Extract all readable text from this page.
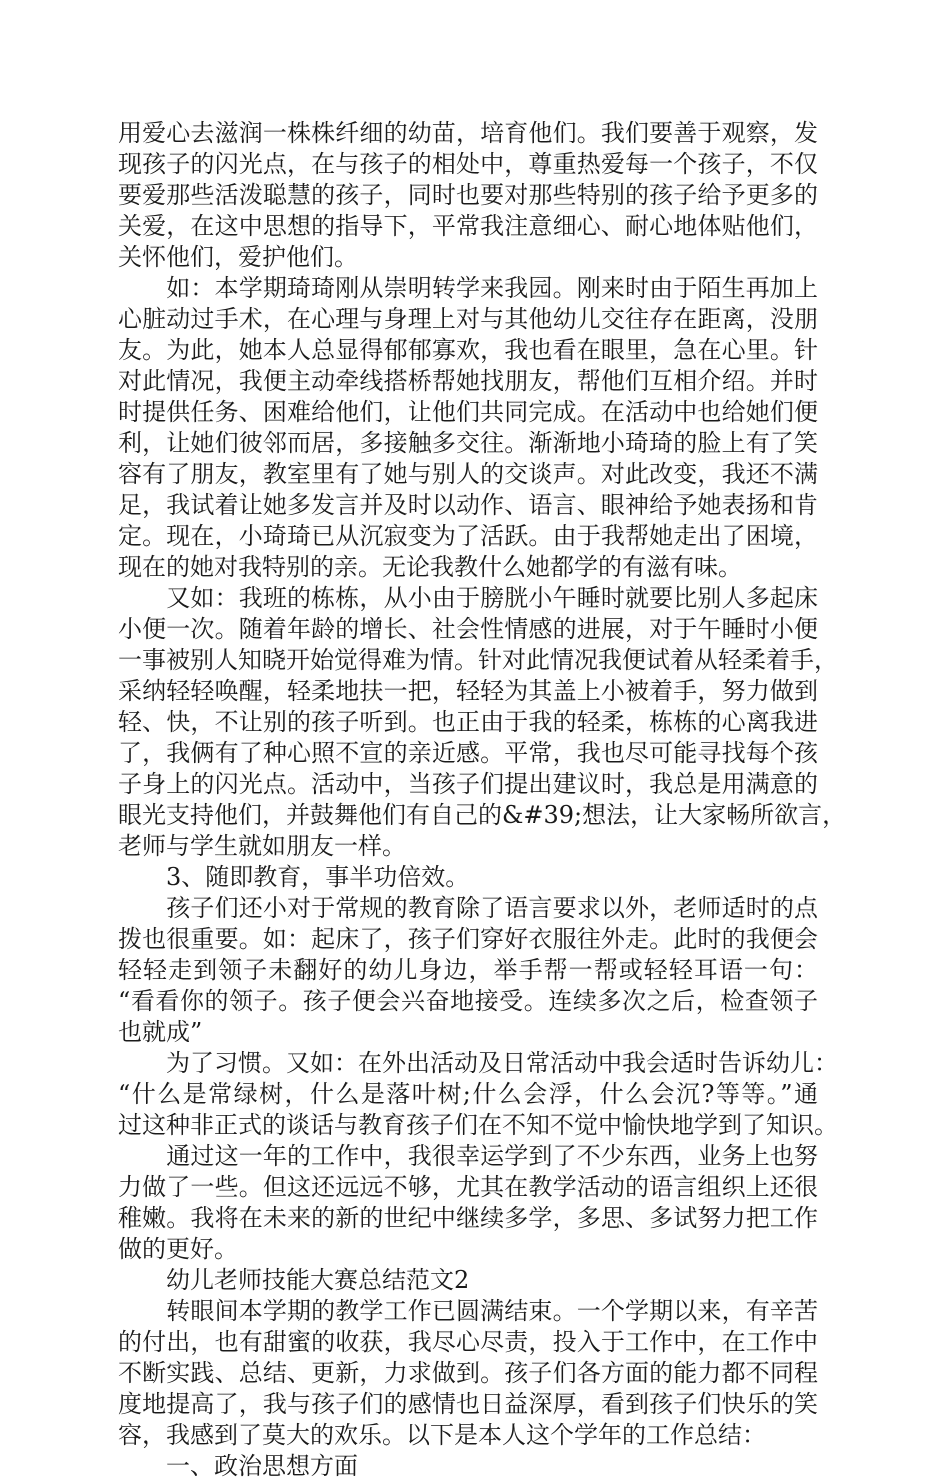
用爱心去滋润一株株纤细的幼苗，培育他们。我们要善于观察，发
现孩子的闪光点，在与孩子的相处中，尊重热爱每一个孩子，不仅
要爱那些活泼聪慧的孩子，同时也要对那些特别的孩子给予更多的
关爱，在这中思想的指导下，平常我注意细心、耐心地体贴他们，
关怀他们，爱护他们。
　　如：本学期琦琦刚从崇明转学来我园。刚来时由于陌生再加上
心脏动过手术，在心理与身理上对与其他幼儿交往存在距离，没朋
友。为此，她本人总显得郁郁寡欢，我也看在眼里，急在心里。针
对此情况，我便主动牵线搭桥帮她找朋友，帮他们互相介绍。并时
时提供任务、困难给他们，让他们共同完成。在活动中也给她们便
利，让她们彼邻而居，多接触多交往。渐渐地小琦琦的脸上有了笑
容有了朋友，教室里有了她与别人的交谈声。对此改变，我还不满
足，我试着让她多发言并及时以动作、语言、眼神给予她表扬和肯
定。现在，小琦琦已从沉寂变为了活跃。由于我帮她走出了困境，
现在的她对我特别的亲。无论我教什么她都学的有滋有味。
　　又如：我班的栋栋，从小由于膀胱小午睡时就要比别人多起床
小便一次。随着年龄的增长、社会性情感的进展，对于午睡时小便
一事被别人知晓开始觉得难为情。针对此情况我便试着从轻柔着手，
采纳轻轻唤醒，轻柔地扶一把，轻轻为其盖上小被着手，努力做到
轻、快，不让别的孩子听到。也正由于我的轻柔，栋栋的心离我进
了，我俩有了种心照不宣的亲近感。平常，我也尽可能寻找每个孩
子身上的闪光点。活动中，当孩子们提出建议时，我总是用满意的
眼光支持他们，并鼓舞他们有自己的&#39;想法，让大家畅所欲言，
老师与学生就如朋友一样。
　　3、随即教育，事半功倍效。
　　孩子们还小对于常规的教育除了语言要求以外，老师适时的点
拨也很重要。如：起床了，孩子们穿好衣服往外走。此时的我便会
轻轻走到领子未翻好的幼儿身边，举手帮一帮或轻轻耳语一句：
“看看你的领子。孩子便会兴奋地接受。连续多次之后，检查领子
也就成”
　　为了习惯。又如：在外出活动及日常活动中我会适时告诉幼儿：
“什么是常绿树，什么是落叶树;什么会浮，什么会沉?等等。”通
过这种非正式的谈话与教育孩子们在不知不觉中愉快地学到了知识。
　　通过这一年的工作中，我很幸运学到了不少东西，业务上也努
力做了一些。但这还远远不够，尤其在教学活动的语言组织上还很
稚嫩。我将在未来的新的世纪中继续多学，多思、多试努力把工作
做的更好。
　　幼儿老师技能大赛总结范文2
　　转眼间本学期的教学工作已圆满结束。一个学期以来，有辛苦
的付出，也有甜蜜的收获，我尽心尽责，投入于工作中，在工作中
不断实践、总结、更新，力求做到。孩子们各方面的能力都不同程
度地提高了，我与孩子们的感情也日益深厚，看到孩子们快乐的笑
容，我感到了莫大的欢乐。以下是本人这个学年的工作总结：
　　一、政治思想方面
